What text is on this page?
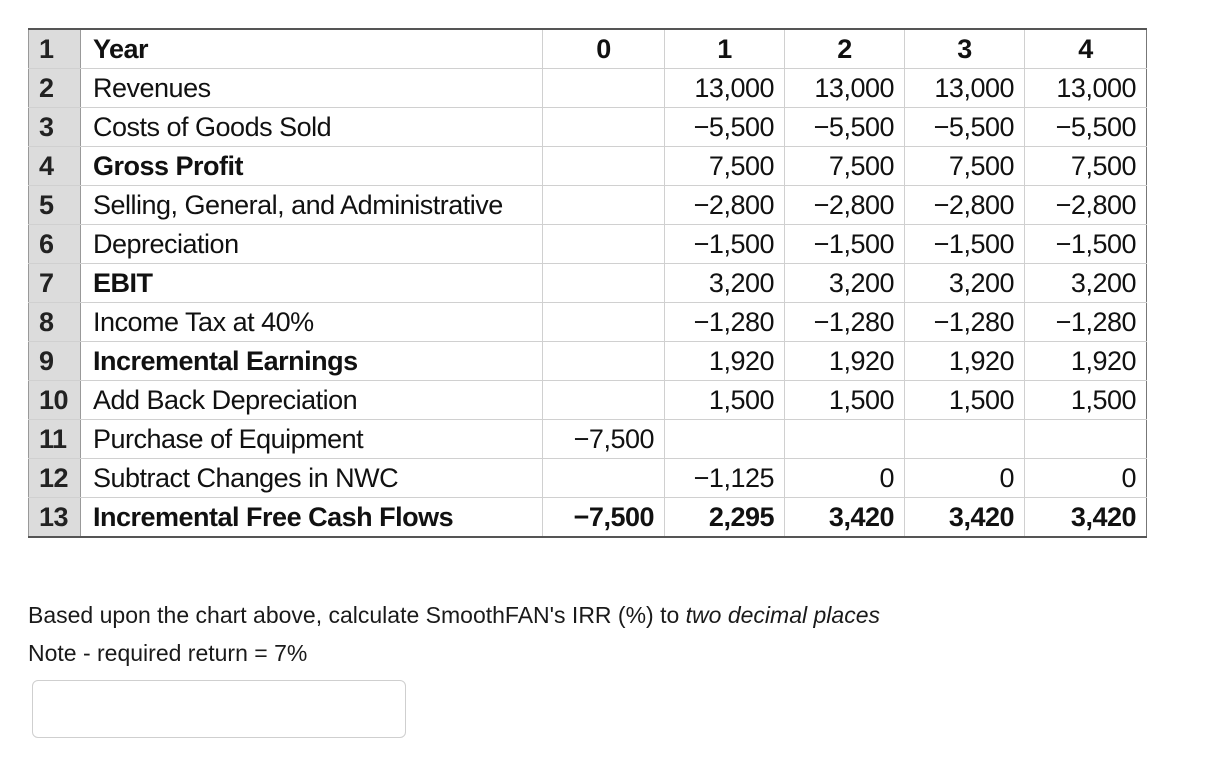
1	Year	0	1	2	3	4
2	Revenues		13,000	13,000	13,000	13,000
3	Costs of Goods Sold		−5,500	−5,500	−5,500	−5,500
4	Gross Profit		7,500	7,500	7,500	7,500
5	Selling, General, and Administrative		−2,800	−2,800	−2,800	−2,800
6	Depreciation		−1,500	−1,500	−1,500	−1,500
7	EBIT		3,200	3,200	3,200	3,200
8	Income Tax at 40%		−1,280	−1,280	−1,280	−1,280
9	Incremental Earnings		1,920	1,920	1,920	1,920
10	Add Back Depreciation		1,500	1,500	1,500	1,500
11	Purchase of Equipment	−7,500				
12	Subtract Changes in NWC		−1,125	0	0	0
13	Incremental Free Cash Flows	−7,500	2,295	3,420	3,420	3,420
Based upon the chart above, calculate SmoothFAN's IRR (%) to two decimal places
Note - required return = 7%
